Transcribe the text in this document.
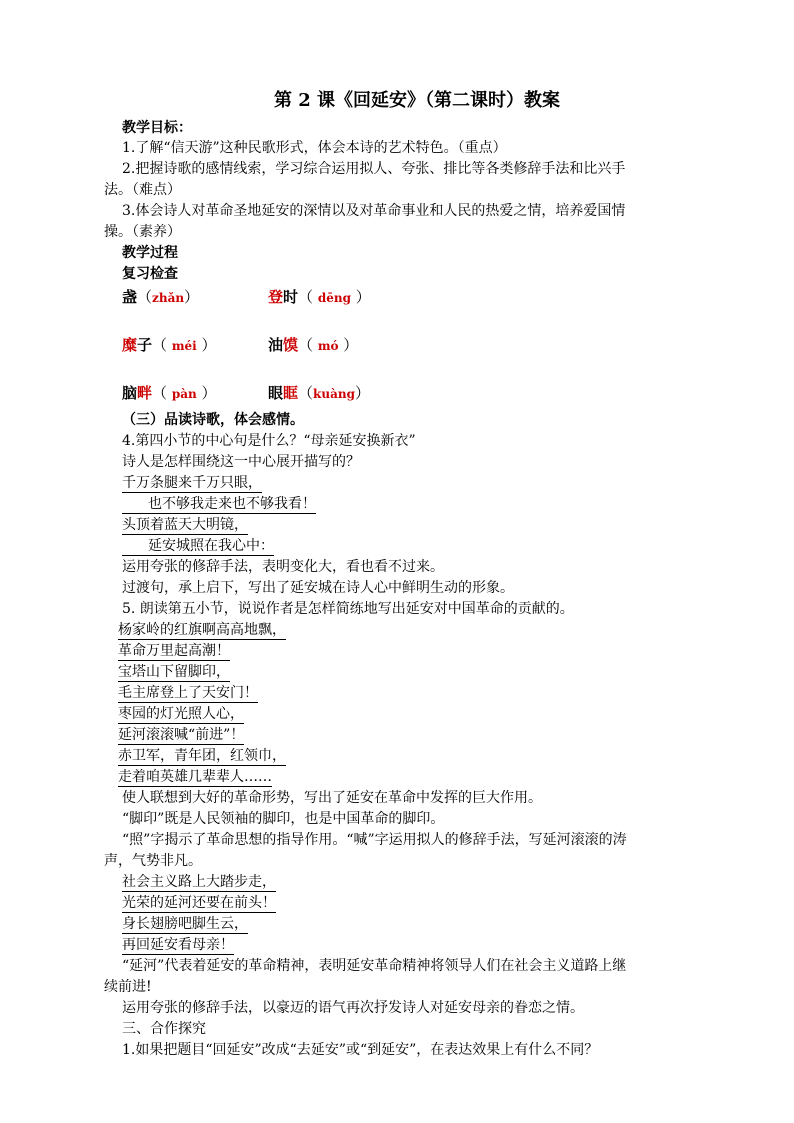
第 2 课《回延安》（第二课时）教案
教学目标：
1.了解“信天游”这种民歌形式，体会本诗的艺术特色。（重点）
2.把握诗歌的感情线索，学习综合运用拟人、夸张、排比等各类修辞手法和比兴手
法。（难点）
3.体会诗人对革命圣地延安的深情以及对革命事业和人民的热爱之情，培养爱国情
操。（素养）
教学过程
复习检查
盏（zhǎn）	登时（ dēng ）
糜子（ méi ）	油馍（ mó ）
脑畔（ pàn ）	眼眶（kuàng）
（三）品读诗歌，体会感情。
4.第四小节的中心句是什么？“母亲延安换新衣”
诗人是怎样围绕这一中心展开描写的？
千万条腿来千万只眼，
也不够我走来也不够我看！
头顶着蓝天大明镜，
延安城照在我心中：
运用夸张的修辞手法，表明变化大，看也看不过来。
过渡句，承上启下，写出了延安城在诗人心中鲜明生动的形象。
5. 朗读第五小节，说说作者是怎样简练地写出延安对中国革命的贡献的。
杨家岭的红旗啊高高地飘，
革命万里起高潮！
宝塔山下留脚印，
毛主席登上了天安门！
枣园的灯光照人心，
延河滚滚喊“前进”！
赤卫军，青年团，红领巾，
走着咱英雄几辈辈人……
使人联想到大好的革命形势，写出了延安在革命中发挥的巨大作用。
“脚印”既是人民领袖的脚印，也是中国革命的脚印。
“照”字揭示了革命思想的指导作用。“喊”字运用拟人的修辞手法，写延河滚滚的涛
声，气势非凡。
社会主义路上大踏步走，
光荣的延河还要在前头！
身长翅膀吧脚生云，
再回延安看母亲！
“延河”代表着延安的革命精神，表明延安革命精神将领导人们在社会主义道路上继
续前进!
运用夸张的修辞手法，以豪迈的语气再次抒发诗人对延安母亲的眷恋之情。
三、合作探究
1.如果把题目“回延安”改成“去延安”或“到延安”，在表达效果上有什么不同？
